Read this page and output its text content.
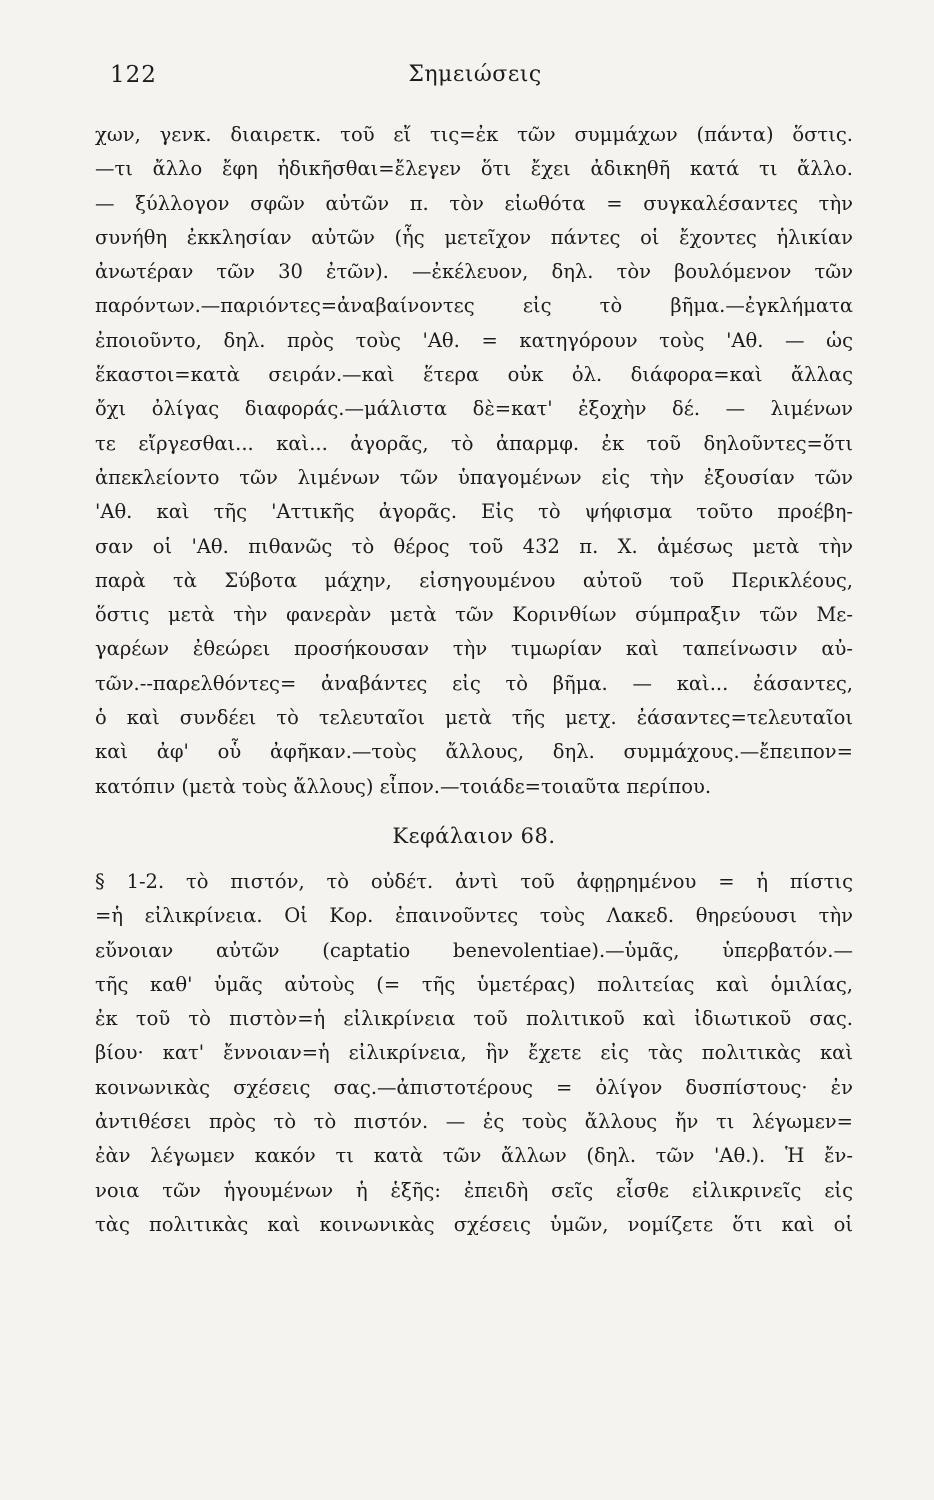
122	Σημειώσεις
χων, γενκ. διαιρετκ. τοῦ εἴ τις=ἐκ τῶν συμμάχων (πάντα) ὅστις.
—τι ἄλλο ἔφη ἠδικῆσθαι=ἔλεγεν ὅτι ἔχει ἀδικηθῆ κατά τι ἄλλο.
— ξύλλογον σφῶν αὐτῶν π. τὸν εἰωθότα = συγκαλέσαντες τὴν
συνήθη ἐκκλησίαν αὐτῶν (ἧς μετεῖχον πάντες οἱ ἔχοντες ἡλικίαν
ἀνωτέραν τῶν 30 ἐτῶν). —ἐκέλευον, δηλ. τὸν βουλόμενον τῶν
παρόντων.—παριόντες=ἀναβαίνοντες εἰς τὸ βῆμα.—ἐγκλήματα
ἐποιοῦντο, δηλ. πρὸς τοὺς 'Αθ. = κατηγόρουν τοὺς 'Αθ. — ὡς
ἕκαστοι=κατὰ σειράν.—καὶ ἕτερα οὐκ ὀλ. διάφορα=καὶ ἄλλας
ὄχι ὀλίγας διαφοράς.—μάλιστα δὲ=κατ' ἐξοχὴν δέ. — λιμένων
τε εἴργεσθαι... καὶ... ἀγορᾶς, τὸ ἀπαρμφ. ἐκ τοῦ δηλοῦντες=ὅτι
ἀπεκλείοντο τῶν λιμένων τῶν ὑπαγομένων εἰς τὴν ἐξουσίαν τῶν
'Αθ. καὶ τῆς 'Αττικῆς ἀγορᾶς. Εἰς τὸ ψήφισμα τοῦτο προέβη-
σαν οἱ 'Αθ. πιθανῶς τὸ θέρος τοῦ 432 π. Χ. ἀμέσως μετὰ τὴν
παρὰ τὰ Σύβοτα μάχην, εἰσηγουμένου αὐτοῦ τοῦ Περικλέους,
ὅστις μετὰ τὴν φανερὰν μετὰ τῶν Κορινθίων σύμπραξιν τῶν Με-
γαρέων ἐθεώρει προσήκουσαν τὴν τιμωρίαν καὶ ταπείνωσιν αὐ-
τῶν.--παρελθόντες= ἀναβάντες εἰς τὸ βῆμα. — καὶ... ἐάσαντες,
ὁ καὶ συνδέει τὸ τελευταῖοι μετὰ τῆς μετχ. ἐάσαντες=τελευταῖοι
καὶ ἀφ' οὗ ἀφῆκαν.—τοὺς ἄλλους, δηλ. συμμάχους.—ἔπειπον=
κατόπιν (μετὰ τοὺς ἄλλους) εἶπον.—τοιάδε=τοιαῦτα περίπου.
Κεφάλαιον 68.
§ 1-2. τὸ πιστόν, τὸ οὐδέτ. ἀντὶ τοῦ ἀφῃρημένου = ἡ πίστις
=ἡ εἰλικρίνεια. Οἱ Κορ. ἐπαινοῦντες τοὺς Λακεδ. θηρεύουσι τὴν
εὔνοιαν αὐτῶν (captatio benevolentiae).—ὑμᾶς, ὑπερβατόν.—
τῆς καθ' ὑμᾶς αὐτοὺς (= τῆς ὑμετέρας) πολιτείας καὶ ὁμιλίας,
ἐκ τοῦ τὸ πιστὸν=ἡ εἰλικρίνεια τοῦ πολιτικοῦ καὶ ἰδιωτικοῦ σας.
βίου· κατ' ἔννοιαν=ἡ εἰλικρίνεια, ἣν ἔχετε εἰς τὰς πολιτικὰς καὶ
κοινωνικὰς σχέσεις σας.—ἀπιστοτέρους = ὀλίγον δυσπίστους· ἐν
ἀντιθέσει πρὸς τὸ τὸ πιστόν. — ἐς τοὺς ἄλλους ἤν τι λέγωμεν=
ἐὰν λέγωμεν κακόν τι κατὰ τῶν ἄλλων (δηλ. τῶν 'Αθ.). Ἡ ἔν-
νοια τῶν ἡγουμένων ἡ ἑξῆς: ἐπειδὴ σεῖς εἶσθε εἰλικρινεῖς εἰς
τὰς πολιτικὰς καὶ κοινωνικὰς σχέσεις ὑμῶν, νομίζετε ὅτι καὶ οἱ
